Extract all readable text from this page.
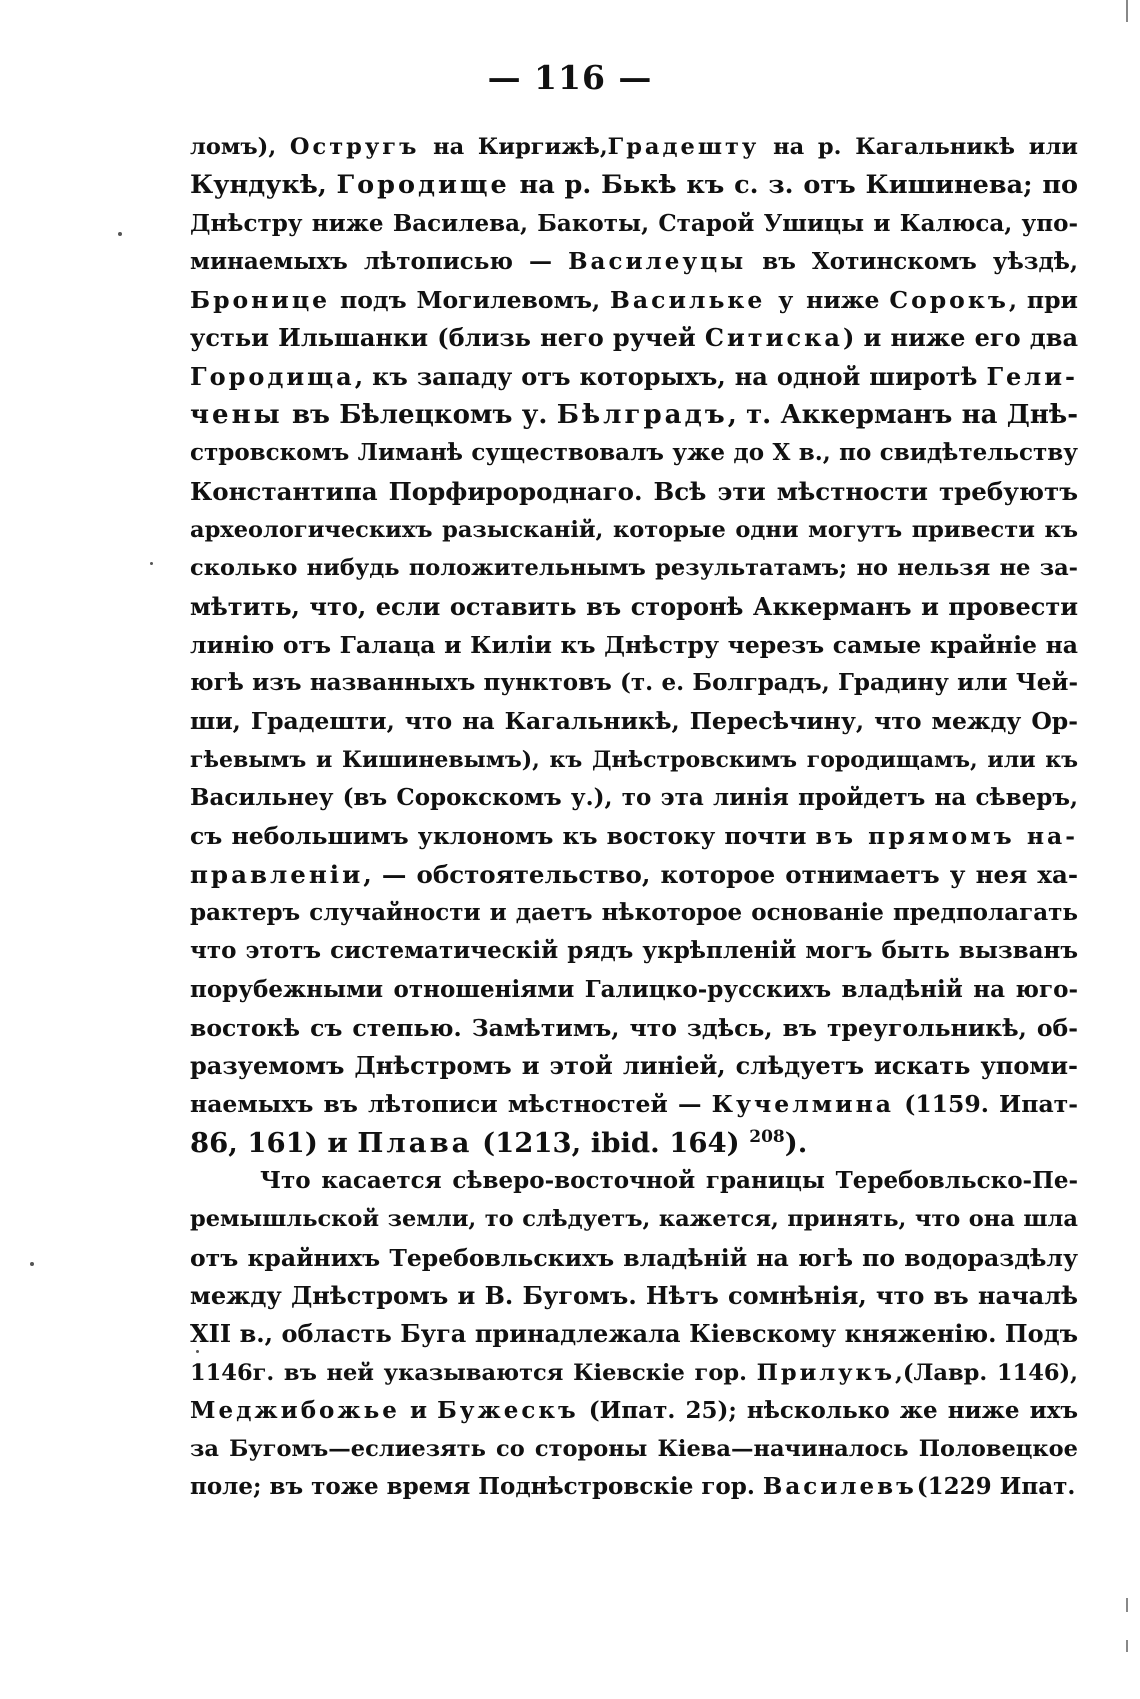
— 116 —
ломъ), Остругъ на Киргижѣ,Градешту на р. Кагальникѣ или
Кундукѣ, Городище на р. Бькѣ къ с. з. отъ Кишинева; по
Днѣстру ниже Василева, Бакоты, Старой Ушицы и Калюса, упо-
минаемыхъ лѣтописью — Василеуцы въ Хотинскомъ уѣздѣ,
Броницe подъ Могилевомъ, Васильке у ниже Сорокъ, при
устьи Ильшанки (близь него ручей Ситиска) и ниже его два
Городища, къ западу отъ которыхъ, на одной широтѣ Гели-
чены въ Бѣлецкомъ у. Бѣлградъ, т. Аккерманъ на Днѣ-
стровскомъ Лиманѣ существовалъ уже до X в., по свидѣтельству
Константипа Порфиророднаго. Всѣ эти мѣстности требуютъ
археологическихъ разысканій, которые одни могутъ привести къ
сколько нибудь положительнымъ результатамъ; но нельзя не за-
мѣтить, что, если оставить въ сторонѣ Аккерманъ и провести
линію отъ Галаца и Килiи къ Днѣстру черезъ самые крайніе на
югѣ изъ названныхъ пунктовъ (т. е. Болградъ, Градину или Чей-
ши, Градешти, что на Кагальникѣ, Пересѣчину, что между Ор-
гѣевымъ и Кишиневымъ), къ Днѣстровскимъ городищамъ, или къ
Васильнеу (въ Сорокскомъ у.), то эта линія пройдетъ на сѣверъ,
съ небольшимъ уклономъ къ востоку почти въ прямомъ на-
правленіи, — обстоятельство, которое отнимаетъ у нея ха-
рактеръ случайности и даетъ нѣкоторое основаніе предполагать
что этотъ систематическій рядъ укрѣпленій могъ быть вызванъ
порубежными отношеніями Галицко-русскихъ владѣній на юго-
востокѣ съ степью. Замѣтимъ, что здѣсь, въ треугольникѣ, об-
разуемомъ Днѣстромъ и этой линіей, слѣдуетъ искать упоми-
наемыхъ въ лѣтописи мѣстностей — Кучелмина (1159. Ипат-
86, 161) и Плава (1213, ibid. 164) $^{208}$).
Что касается сѣверо-восточной границы Теребовльско-Пе-
ремышльской земли, то слѣдуетъ, кажется, принять, что она шла
отъ крайнихъ Теребовльскихъ владѣній на югѣ по водораздѣлу
между Днѣстромъ и В. Бугомъ. Нѣтъ сомнѣнія, что въ началѣ
XII в., область Буга принадлежала Кіевскому княженію. Подъ
1146г. въ ней указываются Кіевскіе гор. Прилукъ,(Лавр. 1146),
Меджибожье и Бужескъ (Ипат. 25); нѣсколько же ниже ихъ
за Бугомъ—еслиезять со стороны Кіева—начиналось Половецкое
поле; въ тоже время Поднѣстровскіе гор. Василевъ(1229 Ипат.
